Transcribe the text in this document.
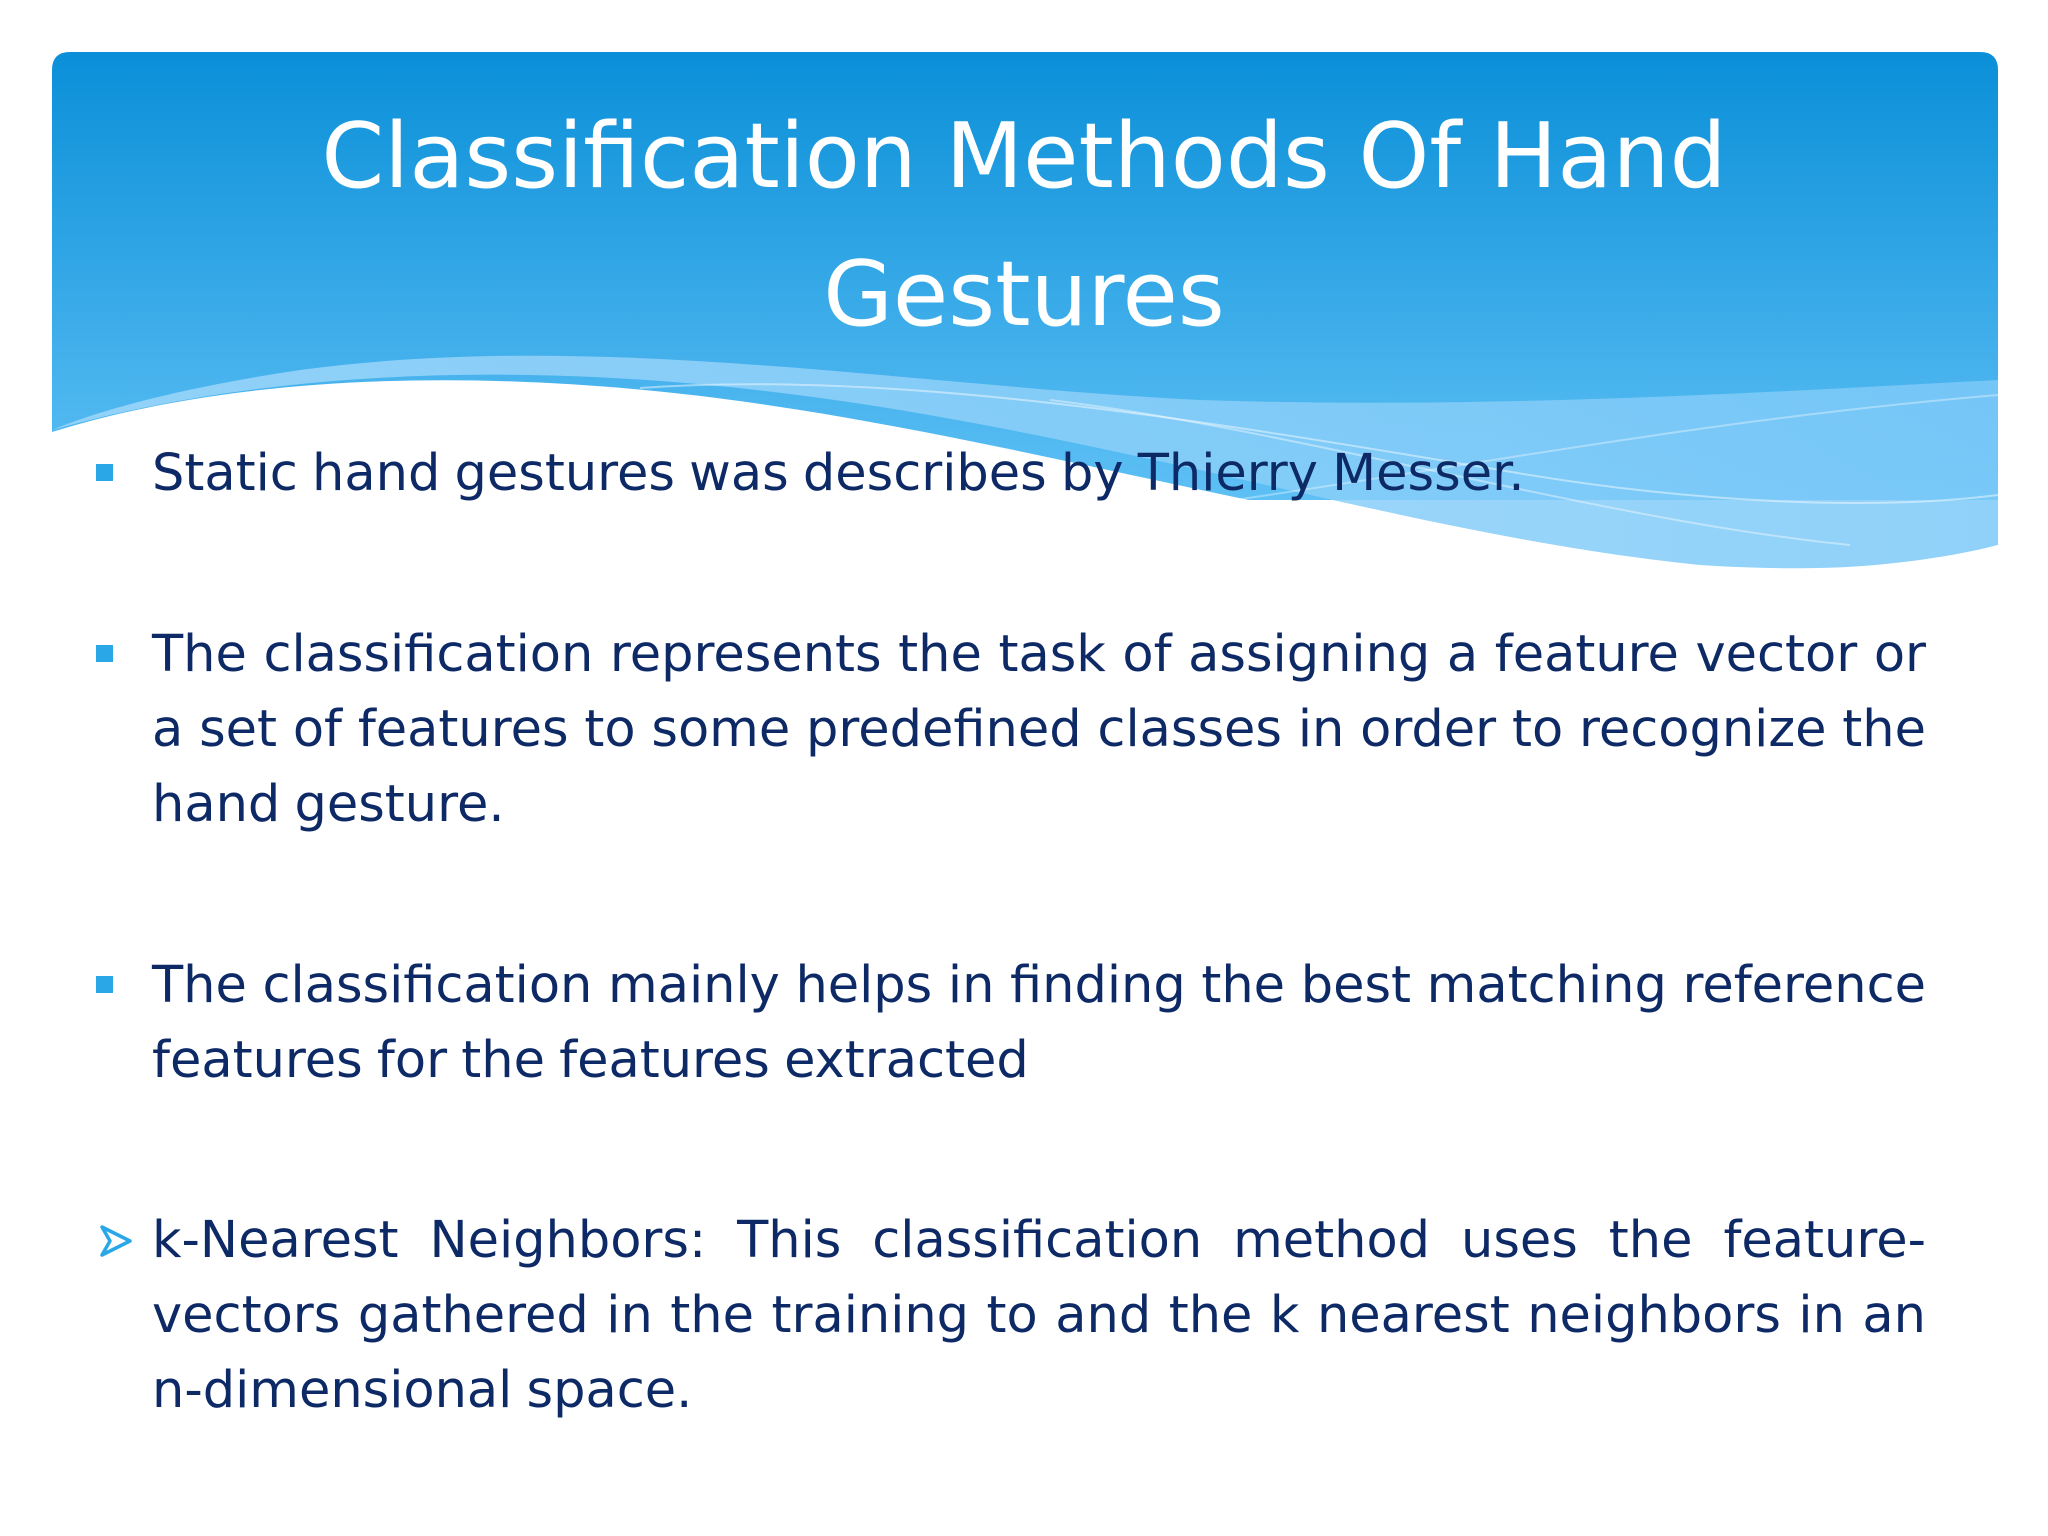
Classification Methods Of Hand Gestures

Static hand gestures was describes by Thierry Messer.

The classification represents the task of assigning a feature vector or a set of features to some predefined classes in order to recognize the hand gesture.

The classification mainly helps in finding the best matching reference features for the features extracted

k-Nearest Neighbors: This classification method uses the feature-vectors gathered in the training to and the k nearest neighbors in an n-dimensional space.
